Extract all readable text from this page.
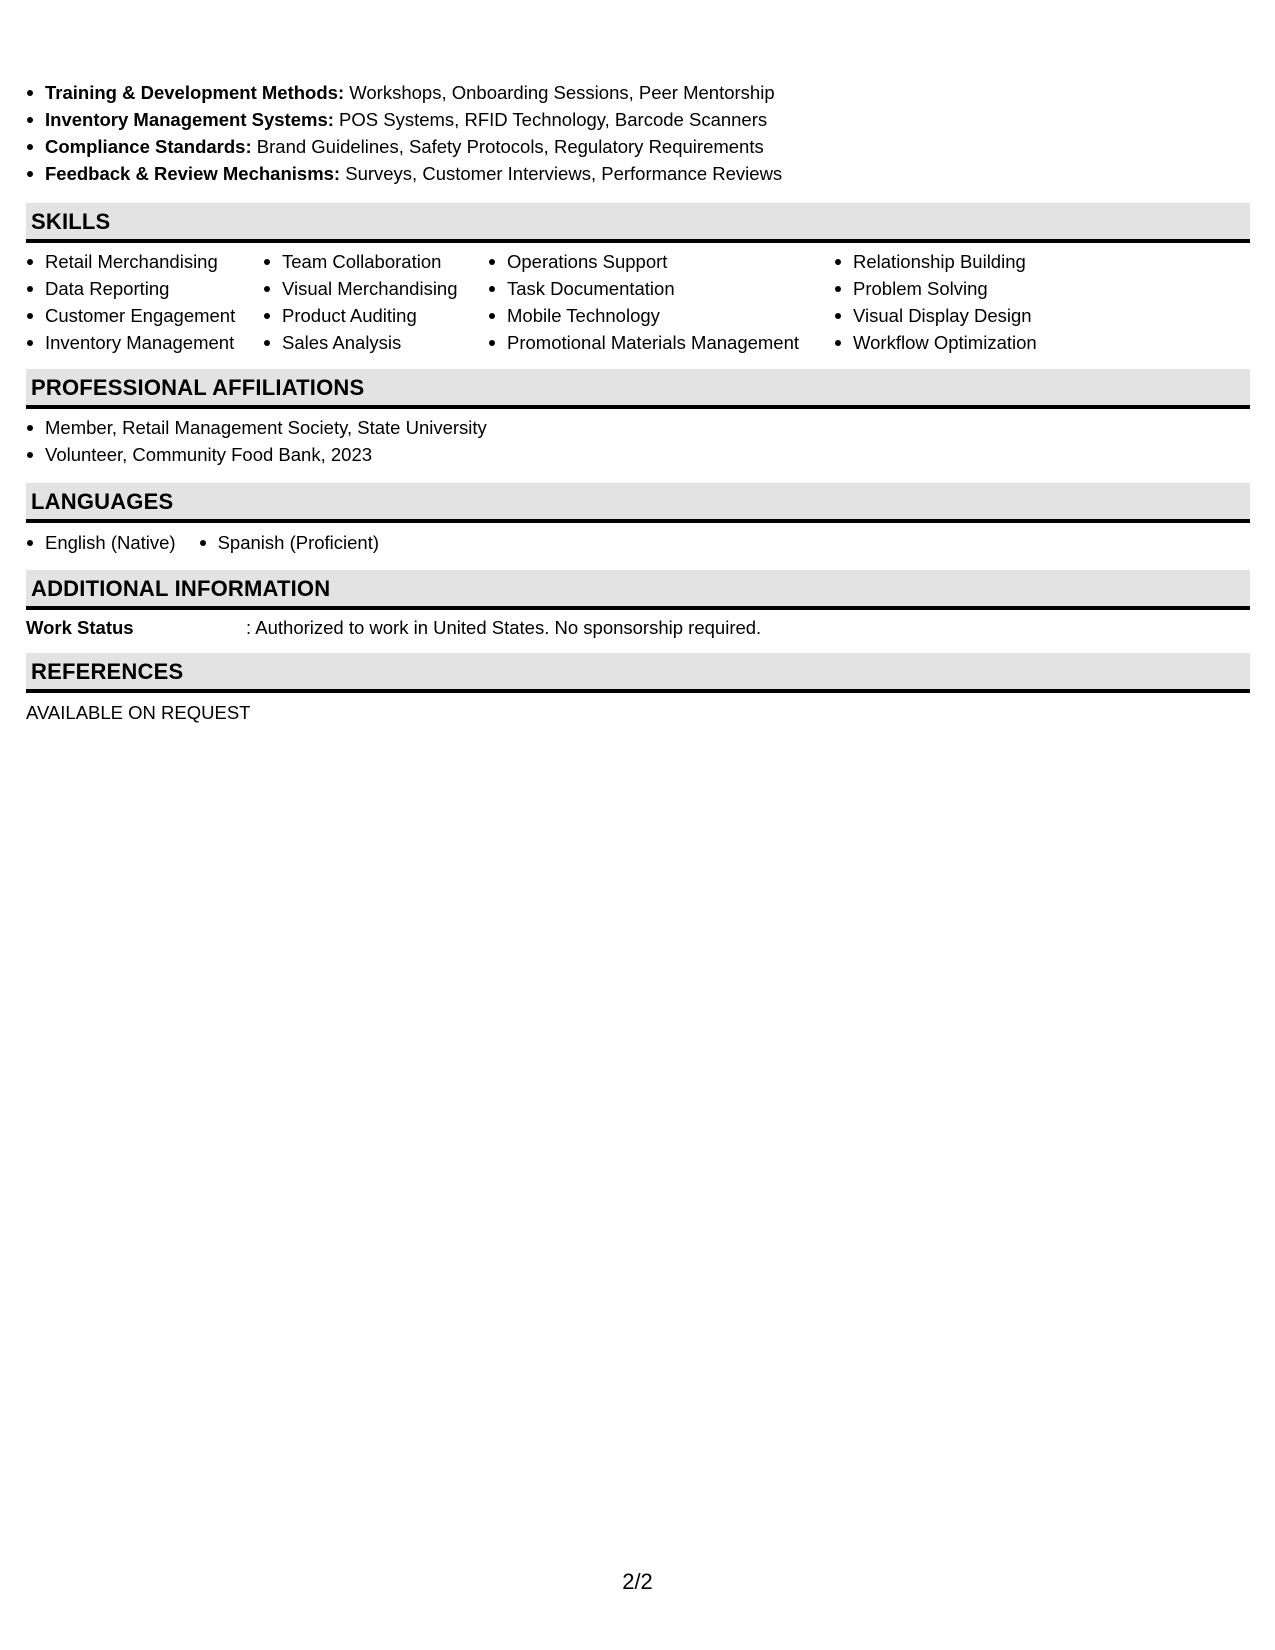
Training & Development Methods: Workshops, Onboarding Sessions, Peer Mentorship
Inventory Management Systems: POS Systems, RFID Technology, Barcode Scanners
Compliance Standards: Brand Guidelines, Safety Protocols, Regulatory Requirements
Feedback & Review Mechanisms: Surveys, Customer Interviews, Performance Reviews
SKILLS
Retail Merchandising
Data Reporting
Customer Engagement
Inventory Management
Team Collaboration
Visual Merchandising
Product Auditing
Sales Analysis
Operations Support
Task Documentation
Mobile Technology
Promotional Materials Management
Relationship Building
Problem Solving
Visual Display Design
Workflow Optimization
PROFESSIONAL AFFILIATIONS
Member, Retail Management Society, State University
Volunteer, Community Food Bank, 2023
LANGUAGES
English (Native)	Spanish (Proficient)
ADDITIONAL INFORMATION
Work Status	: Authorized to work in United States. No sponsorship required.
REFERENCES
AVAILABLE ON REQUEST
2/2
